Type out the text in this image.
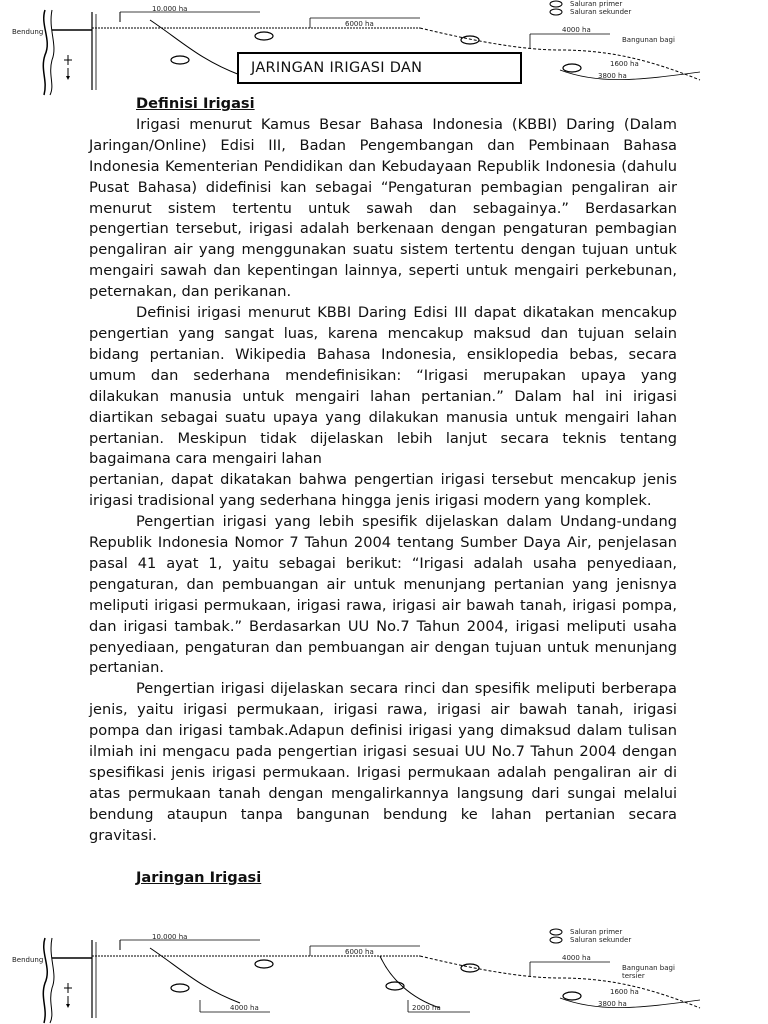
Bendung
10.000 ha
6000 ha
4000 ha
1600 ha
3800 ha
Bangunan bagi
Saluran primer
Saluran sekunder
JARINGAN IRIGASI DAN
Definisi Irigasi

Irigasi menurut Kamus Besar Bahasa Indonesia (KBBI) Daring (Dalam Jaringan/Online) Edisi III, Badan Pengembangan dan Pembinaan Bahasa Indonesia Kementerian Pendidikan dan Kebudayaan Republik Indonesia (dahulu Pusat Bahasa) didefinisi kan sebagai “Pengaturan pembagian pengaliran air menurut sistem tertentu untuk sawah dan sebagainya.” Berdasarkan pengertian tersebut, irigasi adalah berkenaan dengan pengaturan pembagian pengaliran air yang menggunakan suatu sistem tertentu dengan tujuan untuk mengairi sawah dan kepentingan lainnya, seperti untuk mengairi perkebunan, peternakan, dan perikanan.

Definisi irigasi menurut KBBI Daring Edisi III dapat dikatakan mencakup pengertian yang sangat luas, karena mencakup maksud dan tujuan selain bidang pertanian. Wikipedia Bahasa Indonesia, ensiklopedia bebas, secara umum dan sederhana mendefinisikan: “Irigasi merupakan upaya yang dilakukan manusia untuk mengairi lahan pertanian.” Dalam hal ini irigasi diartikan sebagai suatu upaya yang dilakukan manusia untuk mengairi lahan pertanian. Meskipun tidak dijelaskan lebih lanjut secara teknis tentang bagaimana cara mengairi lahan

pertanian, dapat dikatakan bahwa pengertian irigasi tersebut mencakup jenis irigasi tradisional yang sederhana hingga jenis irigasi modern yang komplek.

Pengertian irigasi yang lebih spesifik dijelaskan dalam Undang-undang Republik Indonesia Nomor 7 Tahun 2004 tentang Sumber Daya Air, penjelasan pasal 41 ayat 1, yaitu sebagai berikut: “Irigasi adalah usaha penyediaan, pengaturan, dan pembuangan air untuk menunjang pertanian yang jenisnya meliputi irigasi permukaan, irigasi rawa, irigasi air bawah tanah, irigasi pompa, dan irigasi tambak.” Berdasarkan UU No.7 Tahun 2004, irigasi meliputi usaha penyediaan, pengaturan dan pembuangan air dengan tujuan untuk menunjang pertanian.

Pengertian irigasi dijelaskan secara rinci dan spesifik meliputi berberapa jenis, yaitu irigasi permukaan, irigasi rawa, irigasi air bawah tanah, irigasi pompa dan irigasi tambak.Adapun definisi irigasi yang dimaksud dalam tulisan ilmiah ini mengacu pada pengertian irigasi sesuai UU No.7 Tahun 2004 dengan spesifikasi jenis irigasi permukaan. Irigasi permukaan adalah pengaliran air di atas permukaan tanah dengan mengalirkannya langsung dari sungai melalui bendung ataupun tanpa bangunan bendung ke lahan pertanian secara gravitasi.

Jaringan Irigasi
Bendung
10.000 ha
4000 ha
6000 ha
2000 ha
4000 ha
1600 ha
3800 ha
Bangunan bagi
tersier
Saluran primer
Saluran sekunder
